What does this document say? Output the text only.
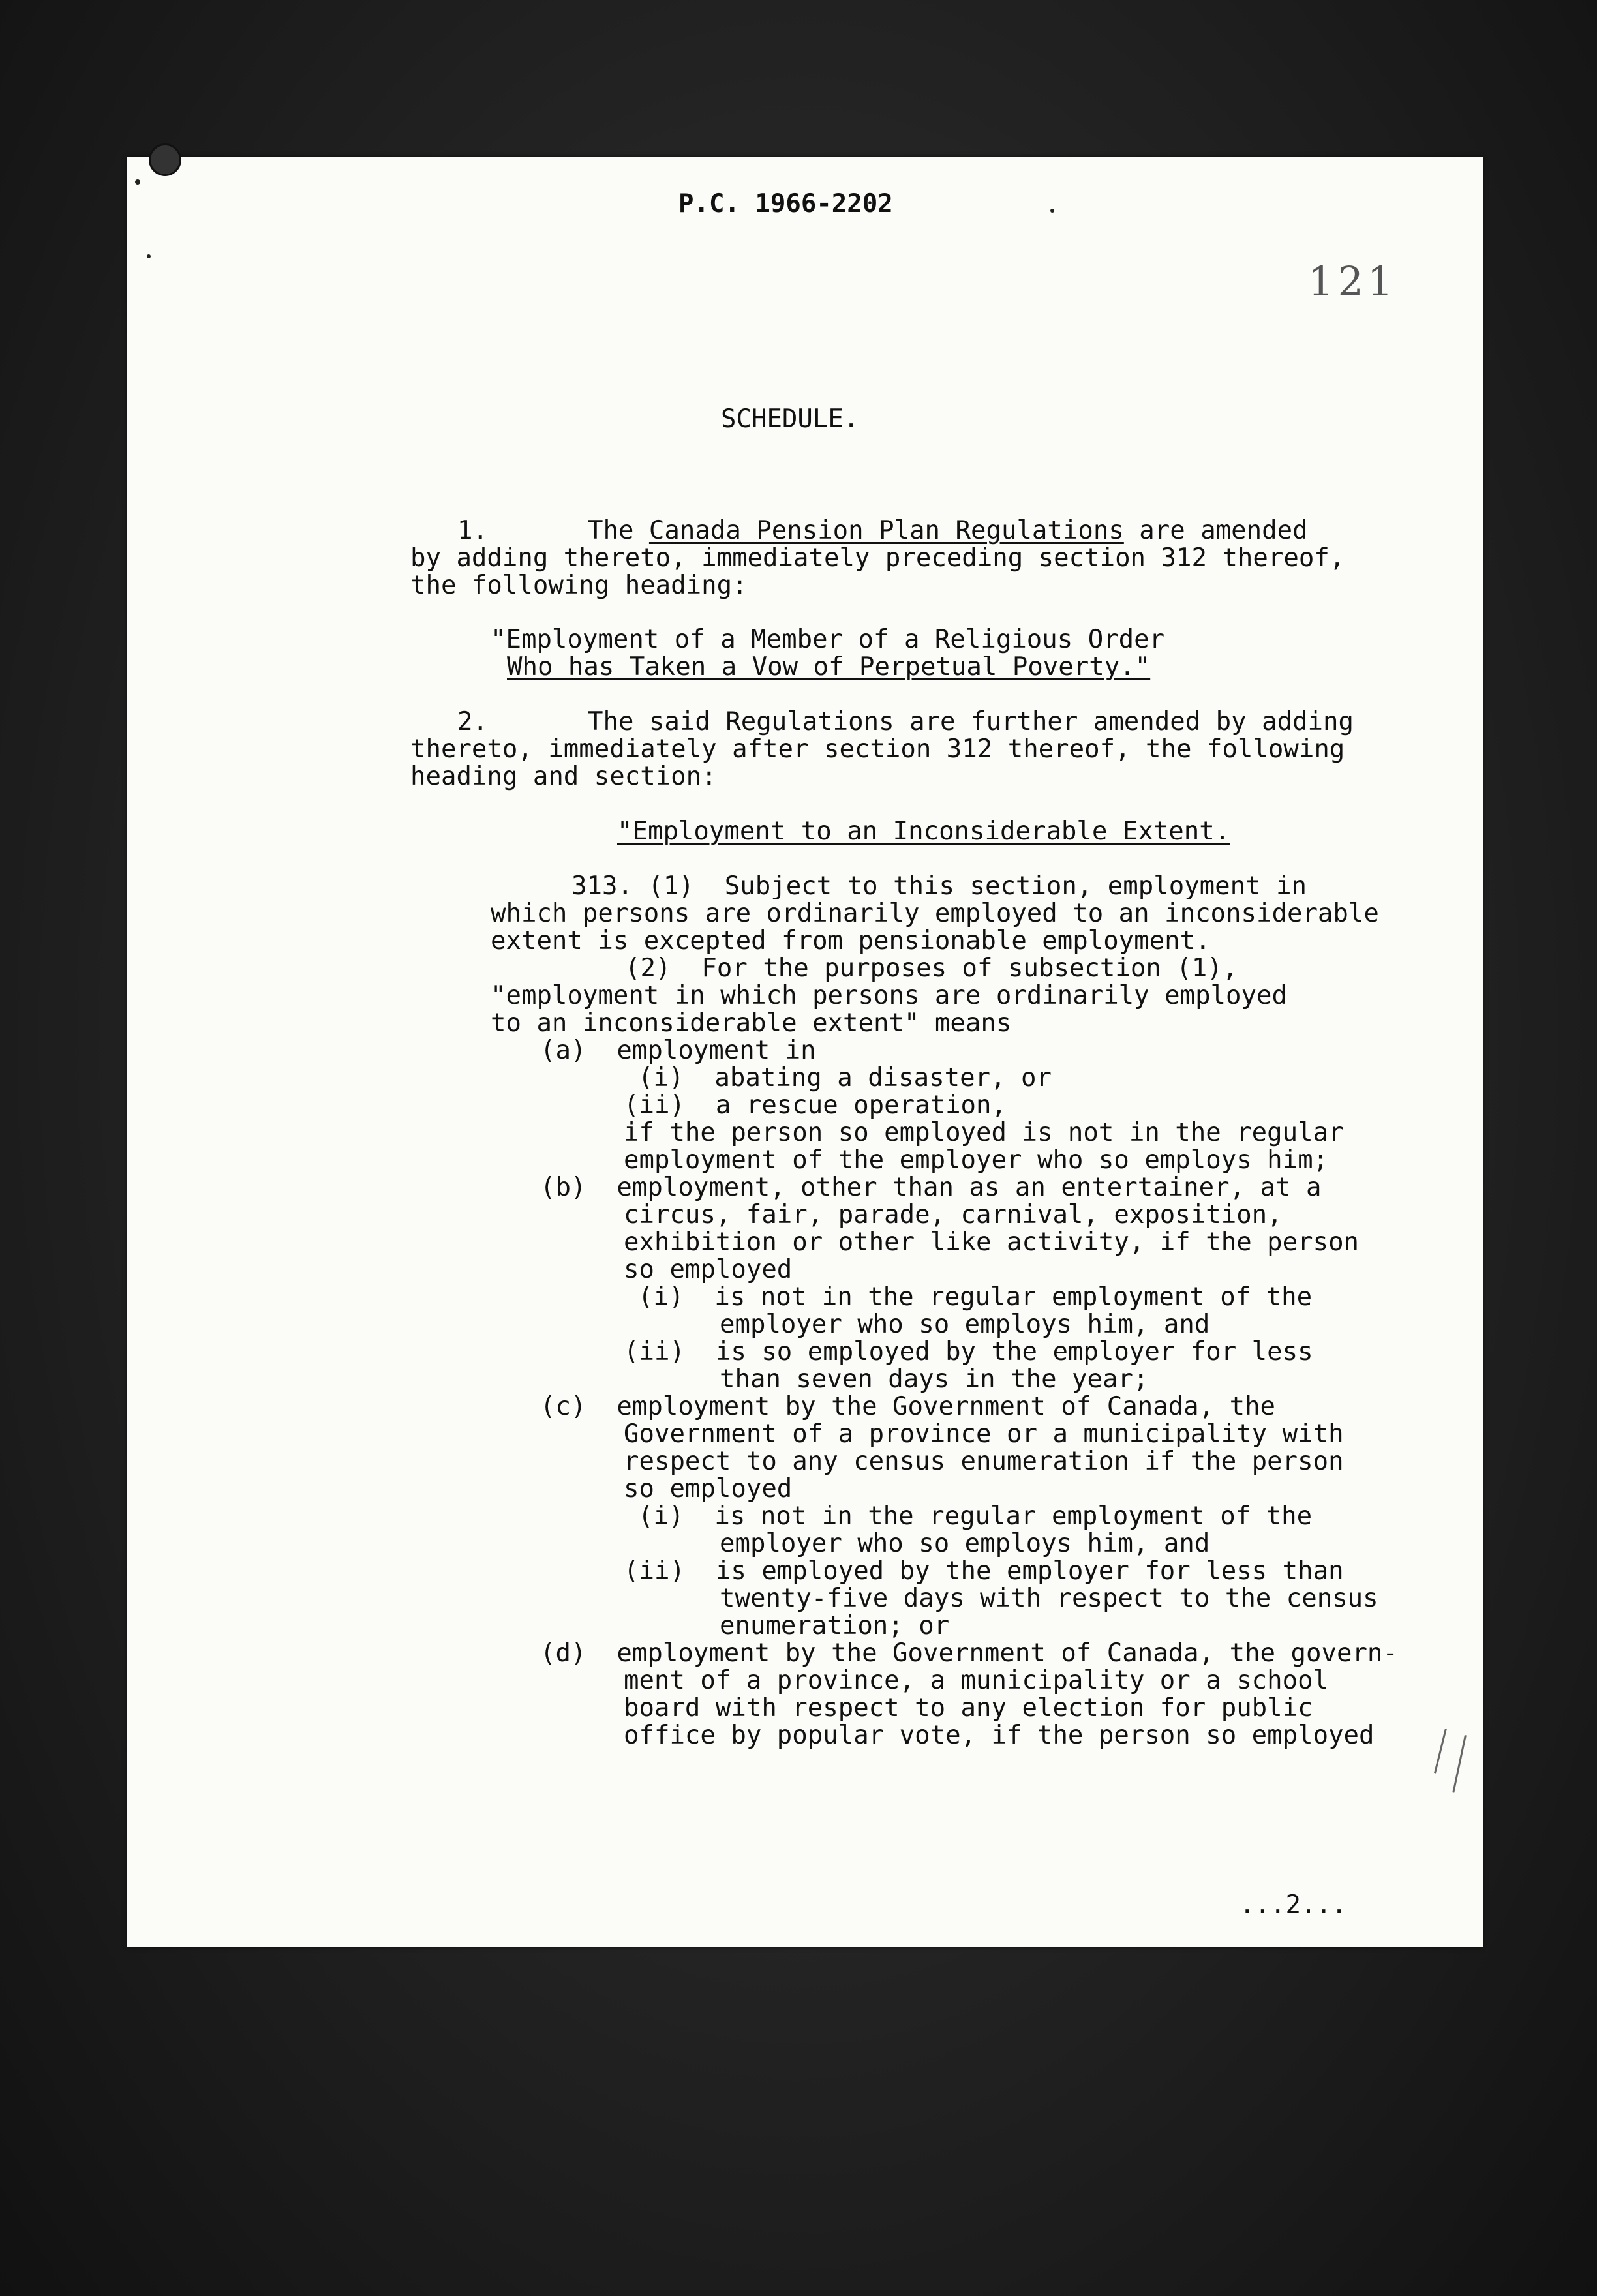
P.C. 1966-2202
121
SCHEDULE.
1.	The Canada Pension Plan Regulations are amended
by adding thereto, immediately preceding section 312 thereof,
the following heading:
"Employment of a Member of a Religious Order
Who has Taken a Vow of Perpetual Poverty."
2.	The said Regulations are further amended by adding
thereto, immediately after section 312 thereof, the following
heading and section:
"Employment to an Inconsiderable Extent.
313. (1)  Subject to this section, employment in
which persons are ordinarily employed to an inconsiderable
extent is excepted from pensionable employment.
(2)  For the purposes of subsection (1),
"employment in which persons are ordinarily employed
to an inconsiderable extent" means
(a)  employment in
(i)  abating a disaster, or
(ii)  a rescue operation,
if the person so employed is not in the regular
employment of the employer who so employs him;
(b)  employment, other than as an entertainer, at a
circus, fair, parade, carnival, exposition,
exhibition or other like activity, if the person
so employed
(i)  is not in the regular employment of the
employer who so employs him, and
(ii)  is so employed by the employer for less
than seven days in the year;
(c)  employment by the Government of Canada, the
Government of a province or a municipality with
respect to any census enumeration if the person
so employed
(i)  is not in the regular employment of the
employer who so employs him, and
(ii)  is employed by the employer for less than
twenty-five days with respect to the census
enumeration; or
(d)  employment by the Government of Canada, the govern-
ment of a province, a municipality or a school
board with respect to any election for public
office by popular vote, if the person so employed
...2...
